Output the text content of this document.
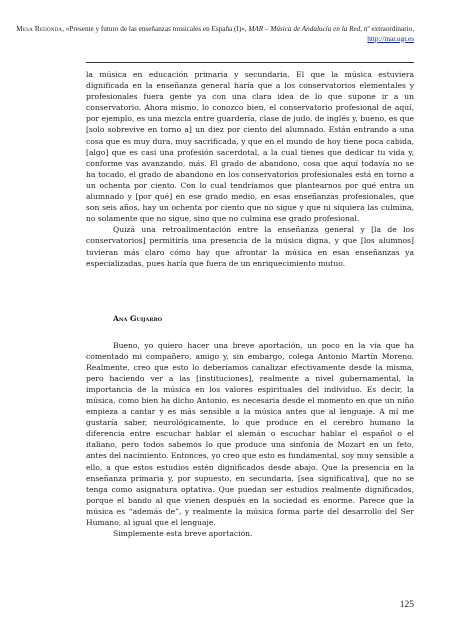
Mesa Redonda, «Presente y futuro de las enseñanzas musicales en España (I)», MAR – Música de Andalucía en la Red, nº extraordinario, http://mar.ugr.es

la música en educación primaria y secundaria. El que la música estuviera dignificada en la enseñanza general haría que a los conservatorios elementales y profesionales fuera gente ya con una clara idea de lo que supone ir a un conservatorio. Ahora mismo, lo conozco bien, el conservatorio profesional de aquí, por ejemplo, es una mezcla entre guardería, clase de judo, de inglés y, bueno, es que [solo sobrevive en torno a] un diez por ciento del alumnado. Están entrando a una cosa que es muy dura, muy sacrificada, y que en el mundo de hoy tiene poca cabida, [algo] que es casi una profesión sacerdotal, a la cual tienes que dedicar tu vida y, conforme vas avanzando, más. El grado de abandono, cosa que aquí todavía no se ha tocado, el grado de abandono en los conservatorios profesionales está en torno a un ochenta por ciento. Con lo cual tendríamos que plantearnos por qué entra un alumnado y [por qué] en ese grado medio, en esas enseñanzas profesionales, que son seis años, hay un ochenta por ciento que no sigue y que ni siquiera las culmina, no solamente que no sigue, sino que no culmina ese grado profesional.

Quizá una retroalimentación entre la enseñanza general y [la de los conservatorios] permitiría una presencia de la música digna, y que [los alumnos] tuvieran más claro cómo hay que afrontar la música en esas enseñanzas ya especializadas, pues haría que fuera de un enriquecimiento mutuo.

Ana Guijarro

Bueno, yo quiero hacer una breve aportación, un poco en la vía que ha comentado mi compañero, amigo y, sin embargo, colega Antonio Martín Moreno. Realmente, creo que esto lo deberíamos canalizar efectivamente desde la misma, pero haciendo ver a las [instituciones], realmente a nivel gubernamental, la importancia de la música en los valores espirituales del individuo. Es decir, la música, como bien ha dicho Antonio, es necesaria desde el momento en que un niño empieza a cantar y es más sensible a la música antes que al lenguaje. A mí me gustaría saber, neurológicamente, lo que produce en el cerebro humano la diferencia entre escuchar hablar el alemán o escuchar hablar el español o el italiano, pero todos sabemos lo que produce una sinfonía de Mozart en un feto, antes del nacimiento. Entonces, yo creo que esto es fundamental, soy muy sensible a ello, a que estos estudios estén dignificados desde abajo. Que la presencia en la enseñanza primaria y, por supuesto, en secundaria, [sea significativa], que no se tenga como asignatura optativa. Que puedan ser estudios realmente dignificados, porque el bando al que vienen después en la sociedad es enorme. Parece que la música es “además de”, y realmente la música forma parte del desarrollo del Ser Humano, al igual que el lenguaje.

Simplemente esta breve aportación.

125
